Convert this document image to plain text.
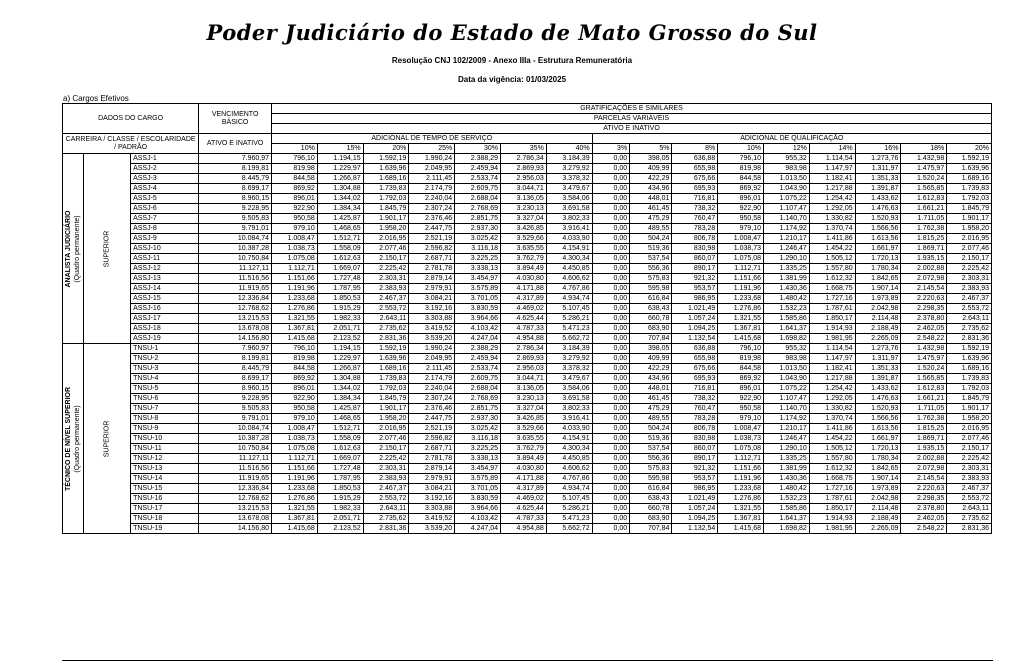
Poder Judiciário do Estado de Mato Grosso do Sul
Resolução CNJ 102/2009 - Anexo IIIa - Estrutura Remuneratória
Data da vigência: 01/03/2025
a) Cargos Efetivos
DADOS DO CARGO			VENCIMENTO BÁSICO	GRATIFICAÇÕES E SIMILARES
PARCELAS VARIÁVEIS
ATIVO E INATIVO															

CARREIRA / CLASSE / ESCOLARIDADE / PADRÃO			ATIVO E INATIVO	ADICIONAL DE TEMPO DE SERVIÇO							ADICIONAL DE QUALIFICAÇÃO								
				10%	15%	20%	25%	30%	35%	40%	3%	5%	8%	10%	12%	14%	16%	18%	20%

ANALISTA JUDICIÁRIO (Quadro permanente)	SUPERIOR	ASSJ-1	7.960,97	796,10	1.194,15	1.592,19	1.990,24	2.388,29	2.786,34	3.184,39	0,00	398,05	636,88	796,10	955,32	1.114,54	1.273,76	1.432,98	1.592,19
		ASSJ-2	8.199,81	819,98	1.229,97	1.639,96	2.049,95	2.459,94	2.869,93	3.279,92	0,00	409,99	655,98	819,98	983,98	1.147,97	1.311,97	1.475,97	1.639,96
		ASSJ-3	8.445,79	844,58	1.266,87	1.689,16	2.111,45	2.533,74	2.956,03	3.378,32	0,00	422,29	675,66	844,58	1.013,50	1.182,41	1.351,33	1.520,24	1.689,16
		ASSJ-4	8.699,17	869,92	1.304,88	1.739,83	2.174,79	2.609,75	3.044,71	3.479,67	0,00	434,96	695,93	869,92	1.043,90	1.217,88	1.391,87	1.565,85	1.739,83
		ASSJ-5	8.960,15	896,01	1.344,02	1.792,03	2.240,04	2.688,04	3.136,05	3.584,06	0,00	448,01	716,81	896,01	1.075,22	1.254,42	1.433,62	1.612,83	1.792,03
		ASSJ-6	9.228,95	922,90	1.384,34	1.845,79	2.307,24	2.768,69	3.230,13	3.691,58	0,00	461,45	738,32	922,90	1.107,47	1.292,05	1.476,63	1.661,21	1.845,79
		ASSJ-7	9.505,83	950,58	1.425,87	1.901,17	2.376,46	2.851,75	3.327,04	3.802,33	0,00	475,29	760,47	950,58	1.140,70	1.330,82	1.520,93	1.711,05	1.901,17
		ASSJ-8	9.791,01	979,10	1.468,65	1.958,20	2.447,75	2.937,30	3.426,85	3.916,41	0,00	489,55	783,28	979,10	1.174,92	1.370,74	1.566,56	1.762,38	1.958,20
		ASSJ-9	10.084,74	1.008,47	1.512,71	2.016,95	2.521,19	3.025,42	3.529,66	4.033,90	0,00	504,24	806,78	1.008,47	1.210,17	1.411,86	1.613,56	1.815,25	2.016,95
		ASSJ-10	10.387,28	1.038,73	1.558,09	2.077,46	2.596,82	3.116,18	3.635,55	4.154,91	0,00	519,36	830,98	1.038,73	1.246,47	1.454,22	1.661,97	1.869,71	2.077,46
		ASSJ-11	10.750,84	1.075,08	1.612,63	2.150,17	2.687,71	3.225,25	3.762,79	4.300,34	0,00	537,54	860,07	1.075,08	1.290,10	1.505,12	1.720,13	1.935,15	2.150,17
		ASSJ-12	11.127,11	1.112,71	1.669,07	2.225,42	2.781,78	3.338,13	3.894,49	4.450,85	0,00	556,36	890,17	1.112,71	1.335,25	1.557,80	1.780,34	2.002,88	2.225,42
		ASSJ-13	11.516,56	1.151,66	1.727,48	2.303,31	2.879,14	3.454,97	4.030,80	4.606,62	0,00	575,83	921,32	1.151,66	1.381,99	1.612,32	1.842,65	2.072,98	2.303,31
		ASSJ-14	11.919,65	1.191,96	1.787,95	2.383,93	2.979,91	3.575,89	4.171,88	4.767,86	0,00	595,98	953,57	1.191,96	1.430,36	1.668,75	1.907,14	2.145,54	2.383,93
		ASSJ-15	12.336,84	1.233,68	1.850,53	2.467,37	3.084,21	3.701,05	4.317,89	4.934,74	0,00	616,84	986,95	1.233,68	1.480,42	1.727,16	1.973,89	2.220,63	2.467,37
		ASSJ-16	12.768,62	1.276,86	1.915,29	2.553,72	3.192,16	3.830,59	4.469,02	5.107,45	0,00	638,43	1.021,49	1.276,86	1.532,23	1.787,61	2.042,98	2.298,35	2.553,72
		ASSJ-17	13.215,53	1.321,55	1.982,33	2.643,11	3.303,88	3.964,66	4.625,44	5.286,21	0,00	660,78	1.057,24	1.321,55	1.585,86	1.850,17	2.114,48	2.378,80	2.643,11
		ASSJ-18	13.678,08	1.367,81	2.051,71	2.735,62	3.419,52	4.103,42	4.787,33	5.471,23	0,00	683,90	1.094,25	1.367,81	1.641,37	1.914,93	2.188,49	2.462,05	2.735,62
		ASSJ-19	14.156,80	1.415,68	2.123,52	2.831,36	3.539,20	4.247,04	4.954,88	5.662,72	0,00	707,84	1.132,54	1.415,68	1.698,82	1.981,95	2.265,09	2.548,22	2.831,36

TÉCNICO DE NÍVEL SUPERIOR (Quadro permanente)	SUPERIOR	TNSU-1	7.960,97	796,10	1.194,15	1.592,19	1.990,24	2.388,29	2.786,34	3.184,39	0,00	398,05	636,88	796,10	955,32	1.114,54	1.273,76	1.432,98	1.592,19
		TNSU-2	8.199,81	819,98	1.229,97	1.639,96	2.049,95	2.459,94	2.869,93	3.279,92	0,00	409,99	655,98	819,98	983,98	1.147,97	1.311,97	1.475,97	1.639,96
		TNSU-3	8.445,79	844,58	1.266,87	1.689,16	2.111,45	2.533,74	2.956,03	3.378,32	0,00	422,29	675,66	844,58	1.013,50	1.182,41	1.351,33	1.520,24	1.689,16
		TNSU-4	8.699,17	869,92	1.304,88	1.739,83	2.174,79	2.609,75	3.044,71	3.479,67	0,00	434,96	695,93	869,92	1.043,90	1.217,88	1.391,87	1.565,85	1.739,83
		TNSU-5	8.960,15	896,01	1.344,02	1.792,03	2.240,04	2.688,04	3.136,05	3.584,06	0,00	448,01	716,81	896,01	1.075,22	1.254,42	1.433,62	1.612,83	1.792,03
		TNSU-6	9.228,95	922,90	1.384,34	1.845,79	2.307,24	2.768,69	3.230,13	3.691,58	0,00	461,45	738,32	922,90	1.107,47	1.292,05	1.476,63	1.661,21	1.845,79
		TNSU-7	9.505,83	950,58	1.425,87	1.901,17	2.376,46	2.851,75	3.327,04	3.802,33	0,00	475,29	760,47	950,58	1.140,70	1.330,82	1.520,93	1.711,05	1.901,17
		TNSU-8	9.791,01	979,10	1.468,65	1.958,20	2.447,75	2.937,30	3.426,85	3.916,41	0,00	489,55	783,28	979,10	1.174,92	1.370,74	1.566,56	1.762,38	1.958,20
		TNSU-9	10.084,74	1.008,47	1.512,71	2.016,95	2.521,19	3.025,42	3.529,66	4.033,90	0,00	504,24	806,78	1.008,47	1.210,17	1.411,86	1.613,56	1.815,25	2.016,95
		TNSU-10	10.387,28	1.038,73	1.558,09	2.077,46	2.596,82	3.116,18	3.635,55	4.154,91	0,00	519,36	830,98	1.038,73	1.246,47	1.454,22	1.661,97	1.869,71	2.077,46
		TNSU-11	10.750,84	1.075,08	1.612,63	2.150,17	2.687,71	3.225,25	3.762,79	4.300,34	0,00	537,54	860,07	1.075,08	1.290,10	1.505,12	1.720,13	1.935,15	2.150,17
		TNSU-12	11.127,11	1.112,71	1.669,07	2.225,42	2.781,78	3.338,13	3.894,49	4.450,85	0,00	556,36	890,17	1.112,71	1.335,25	1.557,80	1.780,34	2.002,88	2.225,42
		TNSU-13	11.516,56	1.151,66	1.727,48	2.303,31	2.879,14	3.454,97	4.030,80	4.606,62	0,00	575,83	921,32	1.151,66	1.381,99	1.612,32	1.842,65	2.072,98	2.303,31
		TNSU-14	11.919,65	1.191,96	1.787,95	2.383,93	2.979,91	3.575,89	4.171,88	4.767,86	0,00	595,98	953,57	1.191,96	1.430,36	1.668,75	1.907,14	2.145,54	2.383,93
		TNSU-15	12.336,84	1.233,68	1.850,53	2.467,37	3.084,21	3.701,05	4.317,89	4.934,74	0,00	616,84	986,95	1.233,68	1.480,42	1.727,16	1.973,89	2.220,63	2.467,37
		TNSU-16	12.768,62	1.276,86	1.915,29	2.553,72	3.192,16	3.830,59	4.469,02	5.107,45	0,00	638,43	1.021,49	1.276,86	1.532,23	1.787,61	2.042,98	2.298,35	2.553,72
		TNSU-17	13.215,53	1.321,55	1.982,33	2.643,11	3.303,88	3.964,66	4.625,44	5.286,21	0,00	660,78	1.057,24	1.321,55	1.585,86	1.850,17	2.114,48	2.378,80	2.643,11
		TNSU-18	13.678,08	1.367,81	2.051,71	2.735,62	3.419,52	4.103,42	4.787,33	5.471,23	0,00	683,90	1.094,25	1.367,81	1.641,37	1.914,93	2.188,49	2.462,05	2.735,62
		TNSU-19	14.156,80	1.415,68	2.123,52	2.831,36	3.539,20	4.247,04	4.954,88	5.662,72	0,00	707,84	1.132,54	1.415,68	1.698,82	1.981,95	2.265,09	2.548,22	2.831,36
